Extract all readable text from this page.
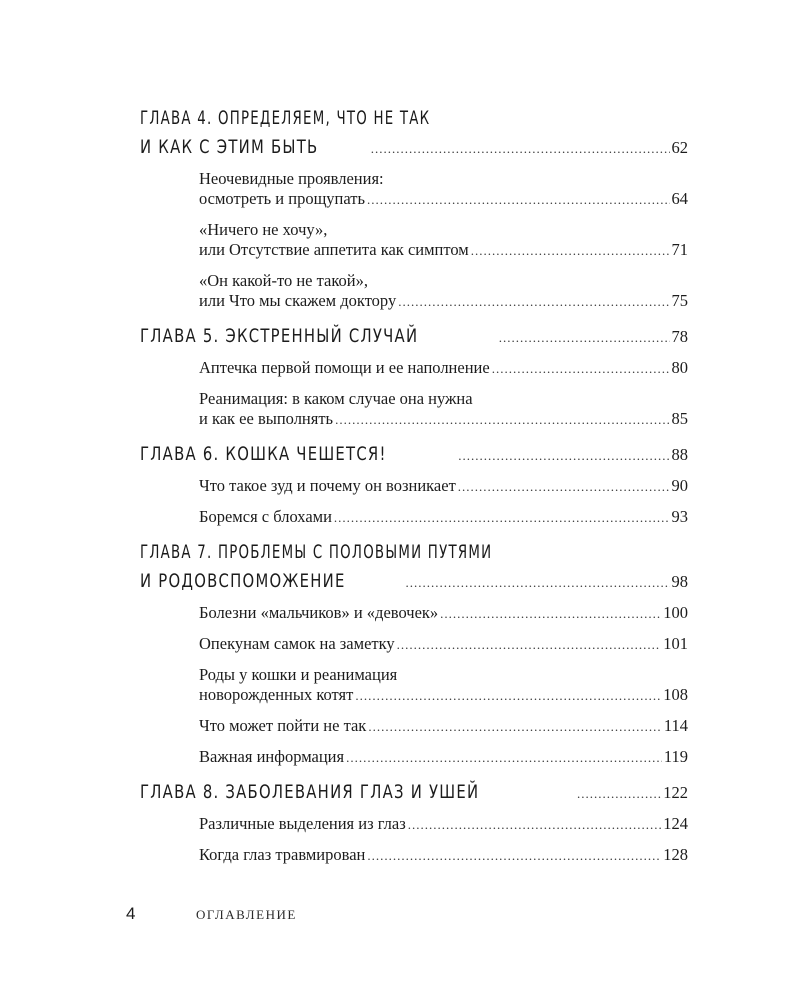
ГЛАВА 4. ОПРЕДЕЛЯЕМ, ЧТО НЕ ТАК
И КАК С ЭТИМ БЫТЬ .....	62
Неочевидные проявления:
осмотреть и прощупать .....	64
«Ничего не хочу»,
или Отсутствие аппетита как симптом .....	71
«Он какой-то не такой»,
или Что мы скажем доктору .....	75
ГЛАВА 5. ЭКСТРЕННЫЙ СЛУЧАЙ .....	78
Аптечка первой помощи и ее наполнение .....	80
Реанимация: в каком случае она нужна
и как ее выполнять .....	85
ГЛАВА 6. КОШКА ЧЕШЕТСЯ! .....	88
Что такое зуд и почему он возникает .....	90
Боремся с блохами .....	93
ГЛАВА 7. ПРОБЛЕМЫ С ПОЛОВЫМИ ПУТЯМИ
И РОДОВСПОМОЖЕНИЕ .....	98
Болезни «мальчиков» и «девочек» .....	100
Опекунам самок на заметку .....	101
Роды у кошки и реанимация
новорожденных котят .....	108
Что может пойти не так .....	114
Важная информация .....	119
ГЛАВА 8. ЗАБОЛЕВАНИЯ ГЛАЗ И УШЕЙ .....	122
Различные выделения из глаз .....	124
Когда глаз травмирован .....	128
4	ОГЛАВЛЕНИЕ
